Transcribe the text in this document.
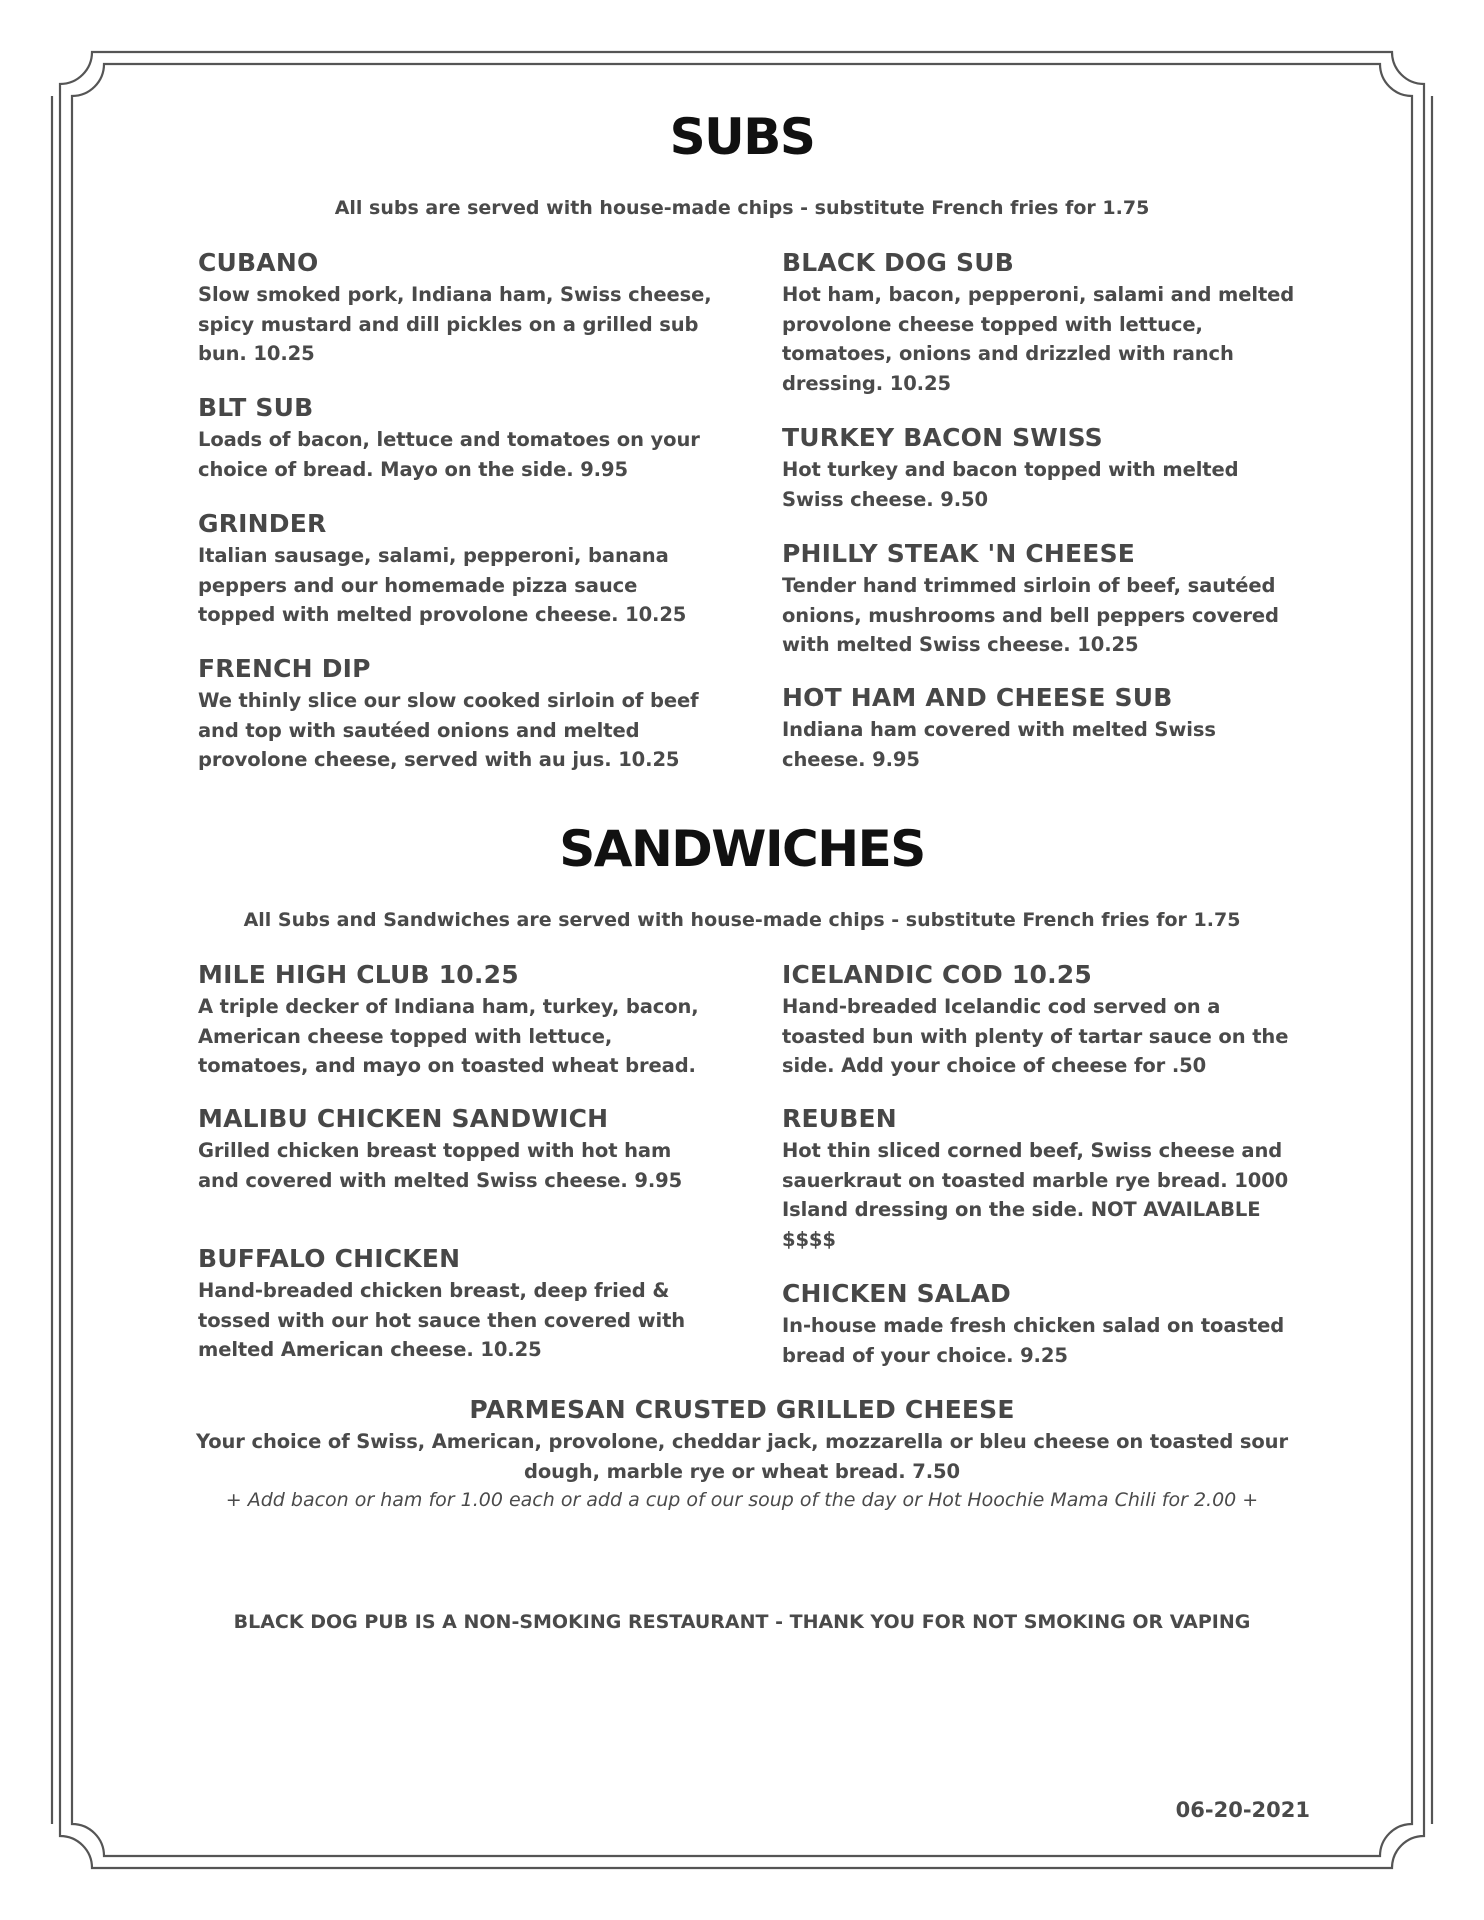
SUBS

All subs are served with house-made chips - substitute French fries for 1.75

CUBANO

Slow smoked pork, Indiana ham, Swiss cheese, spicy mustard and dill pickles on a grilled sub bun. 10.25

BLT SUB

Loads of bacon, lettuce and tomatoes on your choice of bread. Mayo on the side. 9.95

GRINDER

Italian sausage, salami, pepperoni, banana peppers and our homemade pizza sauce topped with melted provolone cheese. 10.25

FRENCH DIP

We thinly slice our slow cooked sirloin of beef and top with sautéed onions and melted provolone cheese, served with au jus. 10.25

BLACK DOG SUB

Hot ham, bacon, pepperoni, salami and melted provolone cheese topped with lettuce, tomatoes, onions and drizzled with ranch dressing. 10.25

TURKEY BACON SWISS

Hot turkey and bacon topped with melted Swiss cheese. 9.50

PHILLY STEAK 'N CHEESE

Tender hand trimmed sirloin of beef, sautéed onions, mushrooms and bell peppers covered with melted Swiss cheese. 10.25

HOT HAM AND CHEESE SUB

Indiana ham covered with melted Swiss cheese. 9.95

SANDWICHES

All Subs and Sandwiches are served with house-made chips - substitute French fries for 1.75

MILE HIGH CLUB 10.25

A triple decker of Indiana ham, turkey, bacon, American cheese topped with lettuce, tomatoes, and mayo on toasted wheat bread.

MALIBU CHICKEN SANDWICH

Grilled chicken breast topped with hot ham and covered with melted Swiss cheese. 9.95

BUFFALO CHICKEN

Hand-breaded chicken breast, deep fried & tossed with our hot sauce then covered with melted American cheese. 10.25

ICELANDIC COD 10.25

Hand-breaded Icelandic cod served on a toasted bun with plenty of tartar sauce on the side. Add your choice of cheese for .50

REUBEN

Hot thin sliced corned beef, Swiss cheese and sauerkraut on toasted marble rye bread. 1000 Island dressing on the side. NOT AVAILABLE $$$$

CHICKEN SALAD

In-house made fresh chicken salad on toasted bread of your choice. 9.25

PARMESAN CRUSTED GRILLED CHEESE

Your choice of Swiss, American, provolone, cheddar jack, mozzarella or bleu cheese on toasted sour dough, marble rye or wheat bread. 7.50

+ Add bacon or ham for 1.00 each or add a cup of our soup of the day or Hot Hoochie Mama Chili for 2.00 +

BLACK DOG PUB IS A NON-SMOKING RESTAURANT - THANK YOU FOR NOT SMOKING OR VAPING

06-20-2021
